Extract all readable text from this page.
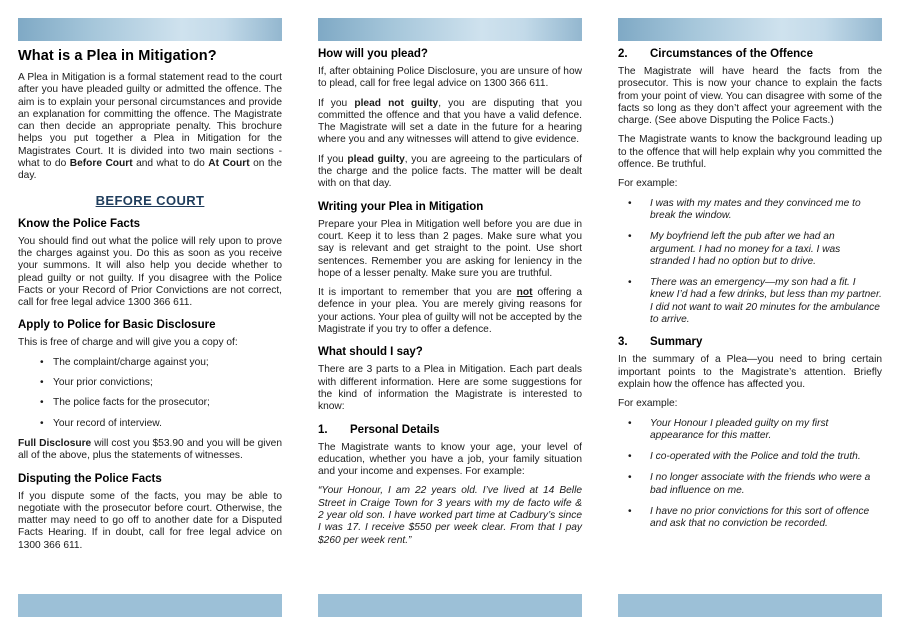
What is a Plea in Mitigation?

A Plea in Mitigation is a formal statement read to the court after you have pleaded guilty or admitted the offence. The aim is to explain your personal circumstances and provide an explanation for committing the offence. The Magistrate can then decide an appropriate penalty. This brochure helps you put together a Plea in Mitigation for the Magistrates Court. It is divided into two main sections - what to do Before Court and what to do At Court on the day.

BEFORE COURT
Know the Police Facts

You should find out what the police will rely upon to prove the charges against you. Do this as soon as you receive your summons. It will also help you decide whether to plead guilty or not guilty. If you disagree with the Police Facts or your Record of Prior Convictions are not correct, call for free legal advice 1300 366 611.

Apply to Police for Basic Disclosure

This is free of charge and will give you a copy of:

• The complaint/charge against you;
• Your prior convictions;
• The police facts for the prosecutor;
• Your record of interview.

Full Disclosure will cost you $53.90 and you will be given all of the above, plus the statements of witnesses.

Disputing the Police Facts

If you dispute some of the facts, you may be able to negotiate with the prosecutor before court. Otherwise, the matter may need to go off to another date for a Disputed Facts Hearing. If in doubt, call for free legal advice on 1300 366 611.

How will you plead?

If, after obtaining Police Disclosure, you are unsure of how to plead, call for free legal advice on 1300 366 611.

If you plead not guilty, you are disputing that you committed the offence and that you have a valid defence. The Magistrate will set a date in the future for a hearing where you and any witnesses will attend to give evidence.

If you plead guilty, you are agreeing to the particulars of the charge and the police facts. The matter will be dealt with on that day.

Writing your Plea in Mitigation

Prepare your Plea in Mitigation well before you are due in court. Keep it to less than 2 pages. Make sure what you say is relevant and get straight to the point. Use short sentences. Remember you are asking for leniency in the hope of a lesser penalty. Make sure you are truthful.

It is important to remember that you are not offering a defence in your plea. You are merely giving reasons for your actions. Your plea of guilty will not be accepted by the Magistrate if you try to offer a defence.

What should I say?

There are 3 parts to a Plea in Mitigation. Each part deals with different information. Here are some suggestions for the kind of information the Magistrate is interested to know:

1.	Personal Details

The Magistrate wants to know your age, your level of education, whether you have a job, your family situation and your income and expenses. For example:

“Your Honour, I am 22 years old. I’ve lived at 14 Belle Street in Craige Town for 3 years with my de facto wife & 2 year old son. I have worked part time at Cadbury’s since I was 17. I receive $550 per week clear. From that I pay $260 per week rent.”

2.	Circumstances of the Offence

The Magistrate will have heard the facts from the prosecutor. This is now your chance to explain the facts from your point of view. You can disagree with some of the facts so long as they don’t affect your agreement with the charge. (See above Disputing the Police Facts.)

The Magistrate wants to know the background leading up to the offence that will help explain why you committed the offence. Be truthful.

For example:

•	I was with my mates and they convinced me to break the window.
•	My boyfriend left the pub after we had an argument. I had no money for a taxi. I was stranded I had no option but to drive.
•	There was an emergency—my son had a fit. I knew I’d had a few drinks, but less than my partner. I did not want to wait 20 minutes for the ambulance to arrive.
3.	Summary

In the summary of a Plea—you need to bring certain important points to the Magistrate’s attention. Briefly explain how the offence has affected you.

For example:

•	Your Honour I pleaded guilty on my first appearance for this matter.
•	I co-operated with the Police and told the truth.
•	I no longer associate with the friends who were a bad influence on me.
•	I have no prior convictions for this sort of offence and ask that no conviction be recorded.
